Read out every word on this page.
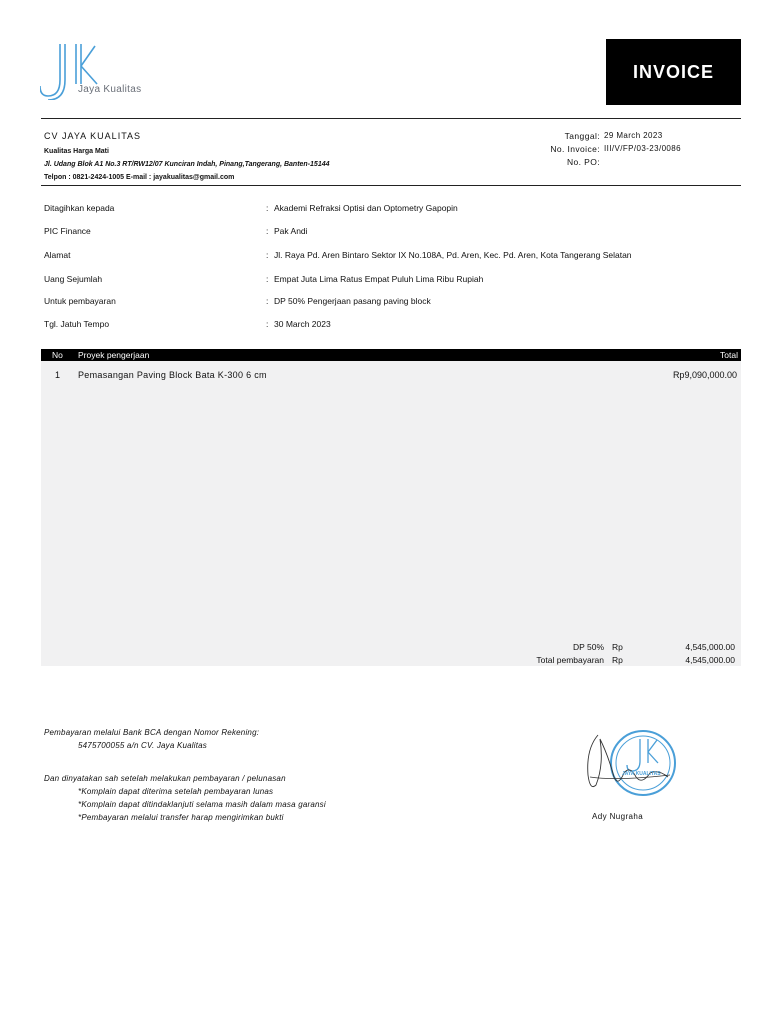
Jaya Kualitas
INVOICE
CV JAYA KUALITAS
Kualitas Harga Mati
Jl. Udang Blok A1 No.3 RT/RW12/07 Kunciran Indah, Pinang,Tangerang, Banten-15144
Telpon : 0821-2424-1005 E-mail : jayakualitas@gmail.com
Tanggal: 29 March 2023
No. Invoice: III/V/FP/03-23/0086
No. PO:
Ditagihkan kepada	: Akademi Refraksi Optisi dan Optometry Gapopin
PIC Finance	: Pak Andi
Alamat	: Jl. Raya Pd. Aren Bintaro Sektor IX No.108A, Pd. Aren, Kec. Pd. Aren, Kota Tangerang Selatan
Uang Sejumlah	: Empat Juta Lima Ratus Empat Puluh Lima Ribu Rupiah
Untuk pembayaran	: DP 50% Pengerjaan pasang paving block
Tgl. Jatuh Tempo	: 30 March 2023
No Proyek pengerjaan	Total
1 Pemasangan Paving Block Bata K-300 6 cm	Rp9,090,000.00
DP 50% Rp	4,545,000.00
Total pembayaran Rp	4,545,000.00
Pembayaran melalui Bank BCA dengan Nomor Rekening:
5475700055 a/n CV. Jaya Kualitas
Dan dinyatakan sah setelah melakukan pembayaran / pelunasan
*Komplain dapat diterima setelah pembayaran lunas
*Komplain dapat ditindaklanjuti selama masih dalam masa garansi
*Pembayaran melalui transfer harap mengirimkan bukti
JAYA KUALITAS
Ady Nugraha
